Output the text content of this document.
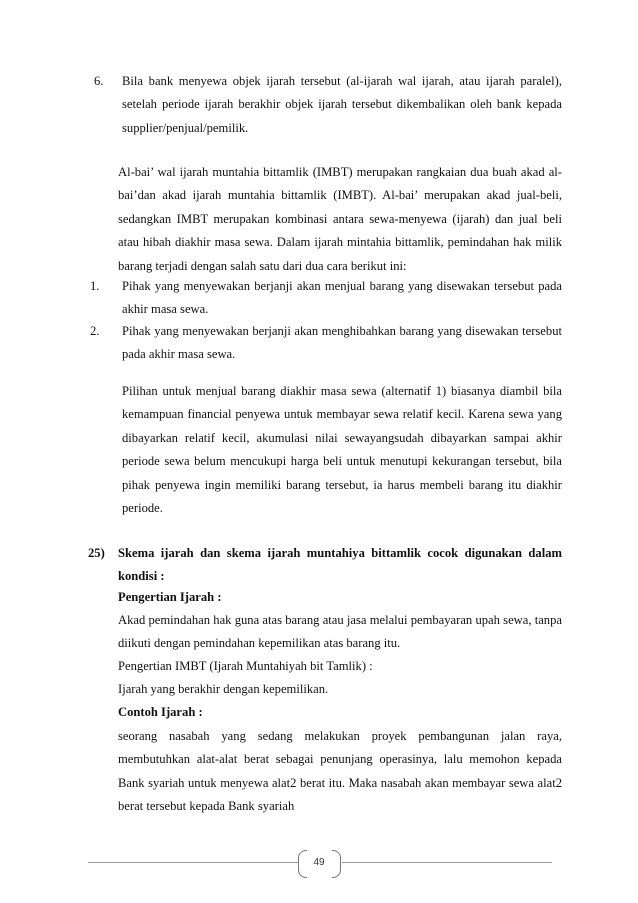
6. Bila bank menyewa objek ijarah tersebut (al-ijarah wal ijarah, atau ijarah paralel), setelah periode ijarah berakhir objek ijarah tersebut dikembalikan oleh bank kepada supplier/penjual/pemilik.
Al-bai’ wal ijarah muntahia bittamlik (IMBT) merupakan rangkaian dua buah akad al-bai’dan akad ijarah muntahia bittamlik (IMBT). Al-bai’ merupakan akad jual-beli, sedangkan IMBT merupakan kombinasi antara sewa-menyewa (ijarah) dan jual beli atau hibah diakhir masa sewa. Dalam ijarah mintahia bittamlik, pemindahan hak milik barang terjadi dengan salah satu dari dua cara berikut ini:
1. Pihak yang menyewakan berjanji akan menjual barang yang disewakan tersebut pada akhir masa sewa.
2. Pihak yang menyewakan berjanji akan menghibahkan barang yang disewakan tersebut pada akhir masa sewa.
Pilihan untuk menjual barang diakhir masa sewa (alternatif 1) biasanya diambil bila kemampuan financial penyewa untuk membayar sewa relatif kecil. Karena sewa yang dibayarkan relatif kecil, akumulasi nilai sewayangsudah dibayarkan sampai akhir periode sewa belum mencukupi harga beli untuk menutupi kekurangan tersebut, bila pihak penyewa ingin memiliki barang tersebut, ia harus membeli barang itu diakhir periode.
25) Skema ijarah dan skema ijarah muntahiya bittamlik cocok digunakan dalam kondisi :
Pengertian Ijarah :
Akad pemindahan hak guna atas barang atau jasa melalui pembayaran upah sewa, tanpa diikuti dengan pemindahan kepemilikan atas barang itu.
Pengertian IMBT (Ijarah Muntahiyah bit Tamlik) :
Ijarah yang berakhir dengan kepemilikan.
Contoh Ijarah :
seorang nasabah yang sedang melakukan proyek pembangunan jalan raya, membutuhkan alat-alat berat sebagai penunjang operasinya, lalu memohon kepada Bank syariah untuk menyewa alat2 berat itu. Maka nasabah akan membayar sewa alat2 berat tersebut kepada Bank syariah
49
